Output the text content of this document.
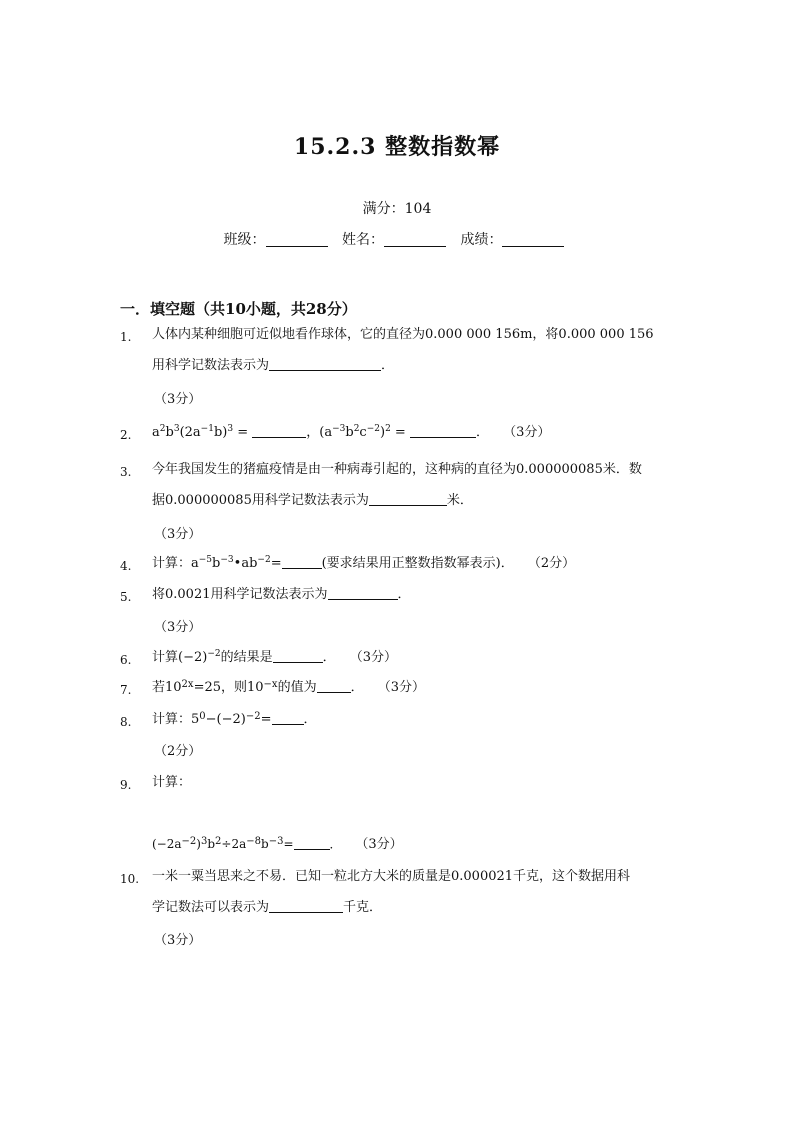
15.2.3 整数指数幂
满分：104
班级：	姓名：	成绩：
一．填空题（共10小题，共28分）
1. 人体内某种细胞可近似地看作球体，它的直径为0.000 000 156m，将0.000 000 156
用科学记数法表示为	．
（3分）
2. $a^2b^3(2a^{-1}b)^3$ =	，$(a^{-3}b^2c^{-2})^2$ =	． （3分）
3. 今年我国发生的猪瘟疫情是由一种病毒引起的，这种病的直径为0.000000085米．数
据0.000000085用科学记数法表示为	米．
（3分）
4. 计算：$a^{-5}b^{-3}•ab^{-2}=$	(要求结果用正整数指数幂表示)． （2分）
5. 将0.0021用科学记数法表示为	．
（3分）
6. 计算$(-2)^{-2}$的结果是	． （3分）
7. 若$10^{2x}=25$，则$10^{-x}$的值为	． （3分）
8. 计算：$5^0-(-2)^{-2}=$ ．
（2分）
9. 计算：
$(-2a^{-2})^3b^2\div 2a^{-8}b^{-3}=$	． （3分）
10. 一米一粟当思来之不易．已知一粒北方大米的质量是0.000021千克，这个数据用科
学记数法可以表示为	千克．
（3分）
